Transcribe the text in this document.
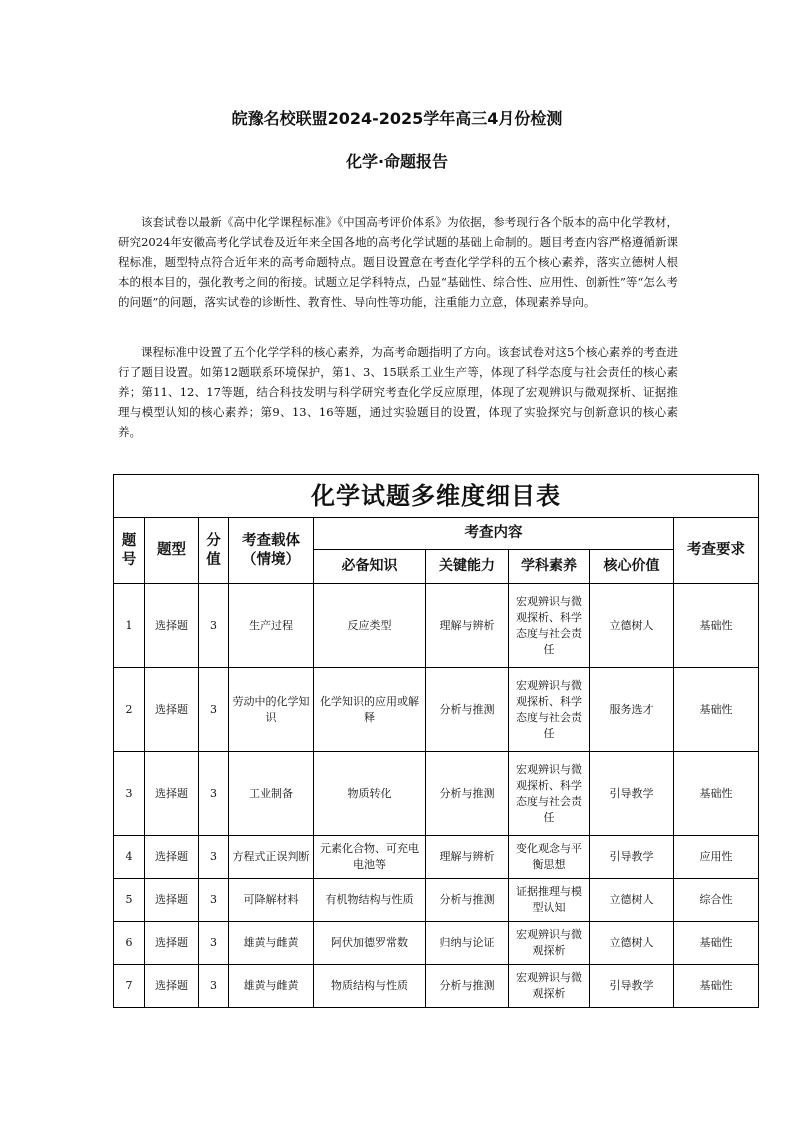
皖豫名校联盟2024-2025学年高三4月份检测
化学·命题报告

该套试卷以最新《高中化学课程标准》《中国高考评价体系》为依据，参考现行各个版本的高中化学教材，研究2024年安徽高考化学试卷及近年来全国各地的高考化学试题的基础上命制的。题目考查内容严格遵循新课程标准，题型特点符合近年来的高考命题特点。题目设置意在考查化学学科的五个核心素养，落实立德树人根本的根本目的，强化教考之间的衔接。试题立足学科特点，凸显“基础性、综合性、应用性、创新性”等“怎么考的问题”的问题，落实试卷的诊断性、教育性、导向性等功能，注重能力立意，体现素养导向。

课程标准中设置了五个化学学科的核心素养，为高考命题指明了方向。该套试卷对这5个核心素养的考查进行了题目设置。如第12题联系环境保护，第1、3、15联系工业生产等，体现了科学态度与社会责任的核心素养；第11、12、17等题，结合科技发明与科学研究考查化学反应原理，体现了宏观辨识与微观探析、证据推理与模型认知的核心素养；第9、13、16等题，通过实验题目的设置，体现了实验探究与创新意识的核心素养。

化学试题多维度细目表								
题号	题型	分值	考查载体（情境）	考查内容				考查要求
				必备知识	关键能力	学科素养	核心价值	
1	选择题	3	生产过程	反应类型	理解与辨析	宏观辨识与微观探析、科学态度与社会责任	立德树人	基础性
2	选择题	3	劳动中的化学知识	化学知识的应用或解释	分析与推测	宏观辨识与微观探析、科学态度与社会责任	服务选才	基础性
3	选择题	3	工业制备	物质转化	分析与推测	宏观辨识与微观探析、科学态度与社会责任	引导教学	基础性
4	选择题	3	方程式正误判断	元素化合物、可充电电池等	理解与辨析	变化观念与平衡思想	引导教学	应用性
5	选择题	3	可降解材料	有机物结构与性质	分析与推测	证据推理与模型认知	立德树人	综合性
6	选择题	3	雄黄与雌黄	阿伏加德罗常数	归纳与论证	宏观辨识与微观探析	立德树人	基础性
7	选择题	3	雄黄与雌黄	物质结构与性质	分析与推测	宏观辨识与微观探析	引导教学	基础性
